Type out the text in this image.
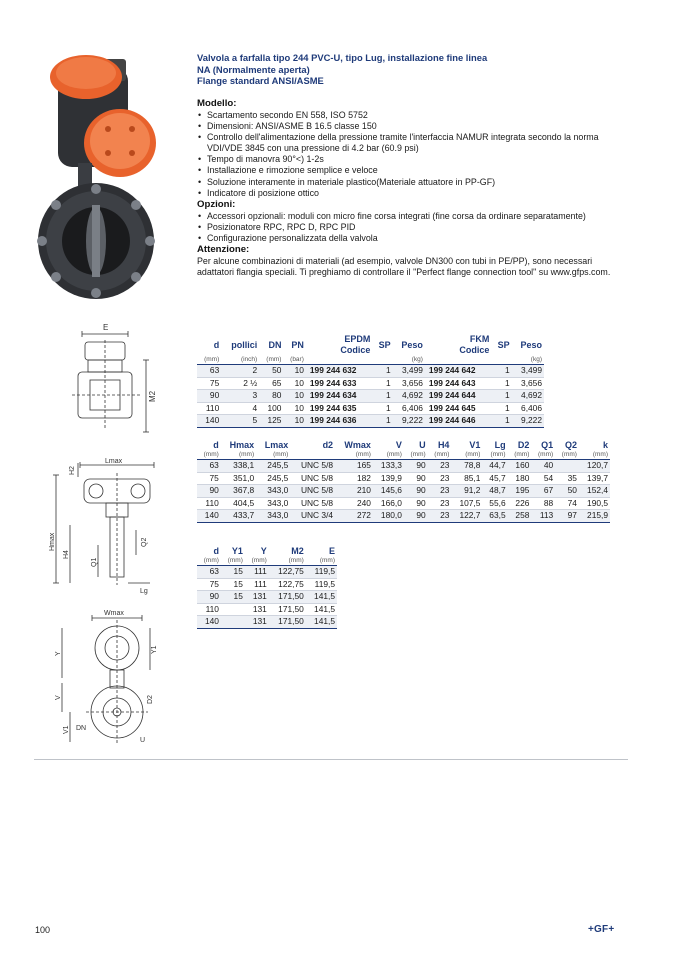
Valvola a farfalla tipo 244 PVC-U, tipo Lug, installazione fine linea
NA (Normalmente aperta)
Flange standard ANSI/ASME
Modello:
• Scartamento secondo EN 558, ISO 5752
• Dimensioni: ANSI/ASME B 16.5 classe 150
• Controllo dell'alimentazione della pressione tramite l'interfaccia NAMUR integrata secondo la norma VDI/VDE 3845 con una pressione di 4.2 bar (60.9 psi)
• Tempo di manovra 90°<) 1-2s
• Installazione e rimozione semplice e veloce
• Soluzione interamente in materiale plastico(Materiale attuatore in PP-GF)
• Indicatore di posizione ottico
Opzioni:
• Accessori opzionali: moduli con micro fine corsa integrati (fine corsa da ordinare separatamente)
• Posizionatore RPC, RPC D, RPC PID
• Configurazione personalizzata della valvola
Attenzione:
Per alcune combinazioni di materiali (ad esempio, valvole DN300 con tubi in PE/PP), sono necessari adattatori flangia speciali. Ti preghiamo di controllare il "Perfect flange connection tool" su www.gfps.com.
E
M2
H2
Lmax
Hmax
H4
Q1
Q2
Lg
Wmax
Y	Y1
V
V1
D2
DN
U
d	pollici	DN	PN	EPDM
Codice	SP	Peso	FKM
Codice	SP	Peso
(mm)	(inch)	(mm)	(bar)			(kg)			(kg)
63	2	50	10	199 244 632	1	3,499	199 244 642	1	3,499
75	2 ½	65	10	199 244 633	1	3,656	199 244 643	1	3,656
90	3	80	10	199 244 634	1	4,692	199 244 644	1	4,692
110	4	100	10	199 244 635	1	6,406	199 244 645	1	6,406
140	5	125	10	199 244 636	1	9,222	199 244 646	1	9,222
d	Hmax	Lmax	d2	Wmax	V	U	H4	V1	Lg	D2	Q1	Q2	k
(mm)	(mm)	(mm)		(mm)	(mm)	(mm)	(mm)	(mm)	(mm)	(mm)	(mm)	(mm)	(mm)
63	338,1	245,5	UNC 5/8	165	133,3	90	23	78,8	44,7	160	40		120,7
75	351,0	245,5	UNC 5/8	182	139,9	90	23	85,1	45,7	180	54	35	139,7
90	367,8	343,0	UNC 5/8	210	145,6	90	23	91,2	48,7	195	67	50	152,4
110	404,5	343,0	UNC 5/8	240	166,0	90	23	107,5	55,6	226	88	74	190,5
140	433,7	343,0	UNC 3/4	272	180,0	90	23	122,7	63,5	258	113	97	215,9
d	Y1	Y	M2	E
(mm)	(mm)	(mm)	(mm)	(mm)
63	15	111	122,75	119,5
75	15	111	122,75	119,5
90	15	131	171,50	141,5
110		131	171,50	141,5
140		131	171,50	141,5
100	+GF+
